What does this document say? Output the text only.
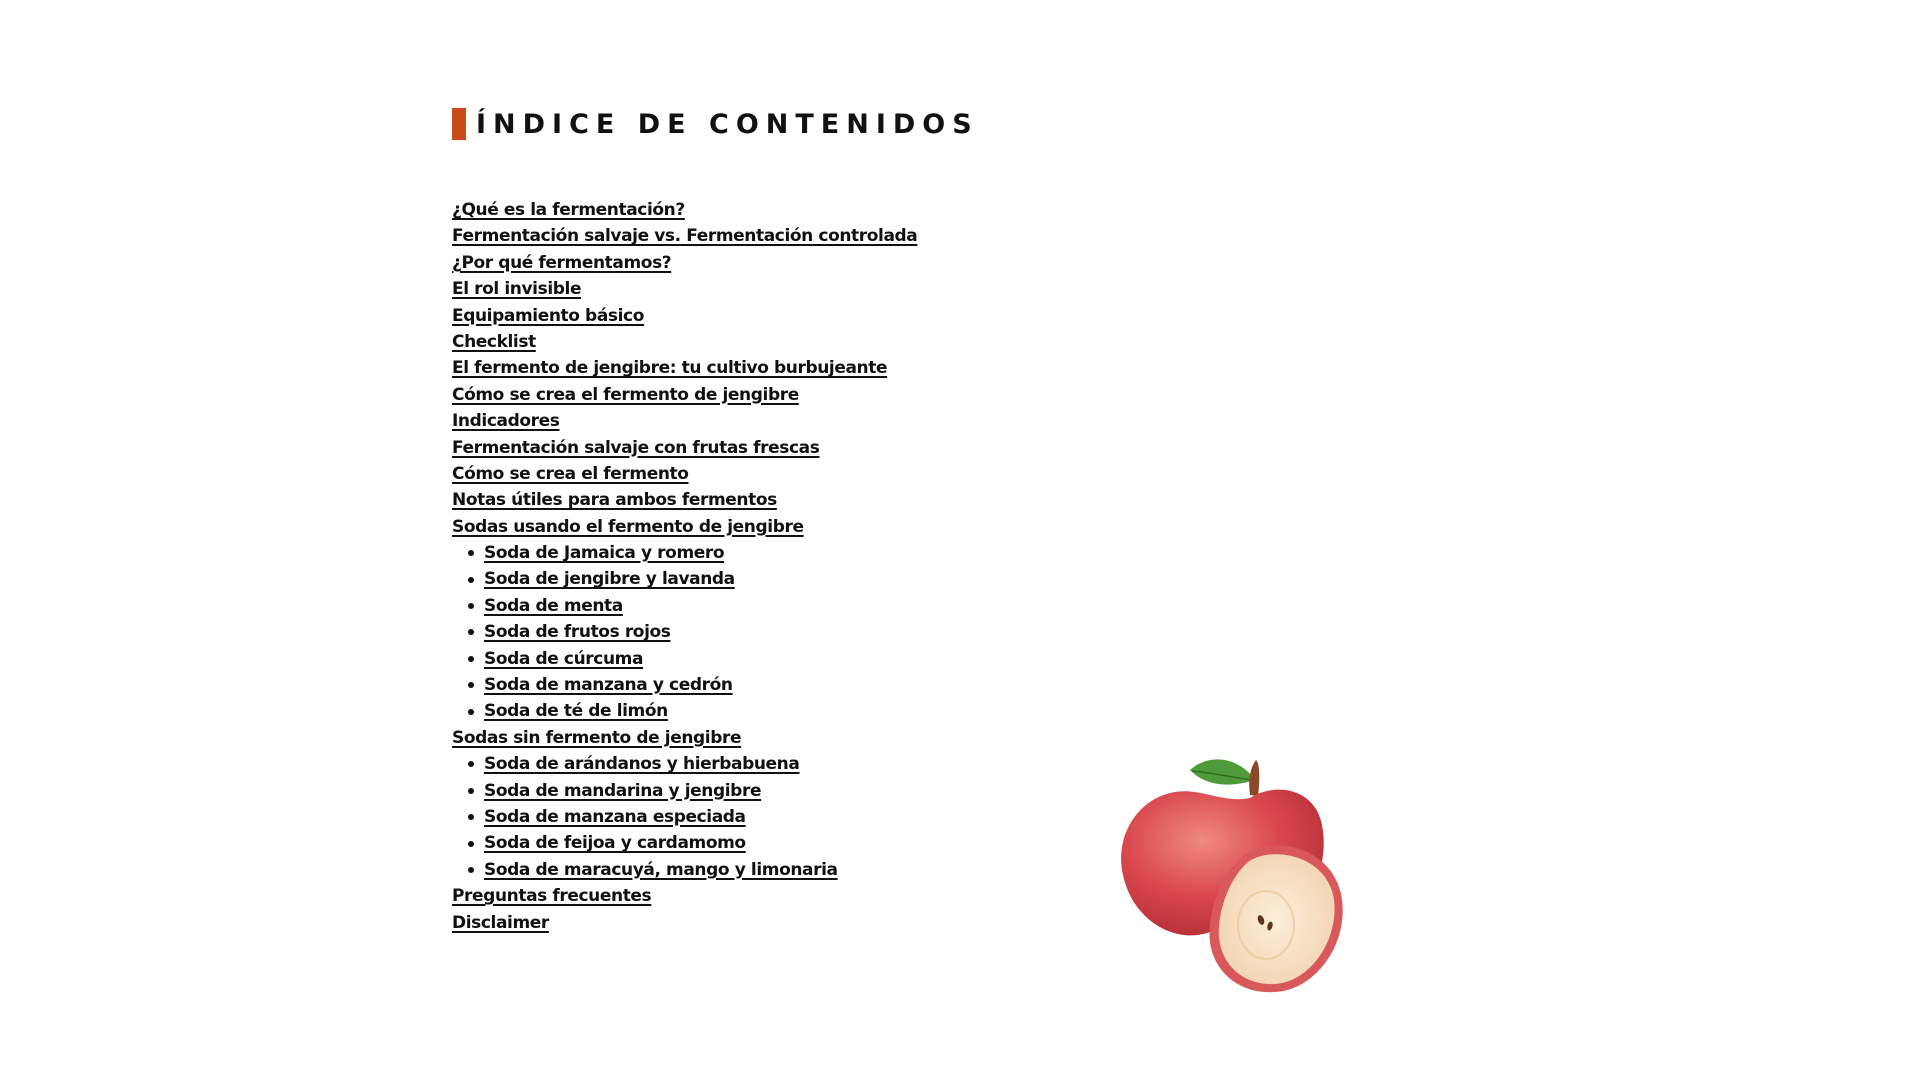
ÍNDICE DE CONTENIDOS
¿Qué es la fermentación?
Fermentación salvaje vs. Fermentación controlada
¿Por qué fermentamos?
El rol invisible
Equipamiento básico
Checklist
El fermento de jengibre: tu cultivo burbujeante
Cómo se crea el fermento de jengibre
Indicadores
Fermentación salvaje con frutas frescas
Cómo se crea el fermento
Notas útiles para ambos fermentos
Sodas usando el fermento de jengibre
Soda de Jamaica y romero
Soda de jengibre y lavanda
Soda de menta
Soda de frutos rojos
Soda de cúrcuma
Soda de manzana y cedrón
Soda de té de limón
Sodas sin fermento de jengibre
Soda de arándanos y hierbabuena
Soda de mandarina y jengibre
Soda de manzana especiada
Soda de feijoa y cardamomo
Soda de maracuyá, mango y limonaria
Preguntas frecuentes
Disclaimer
